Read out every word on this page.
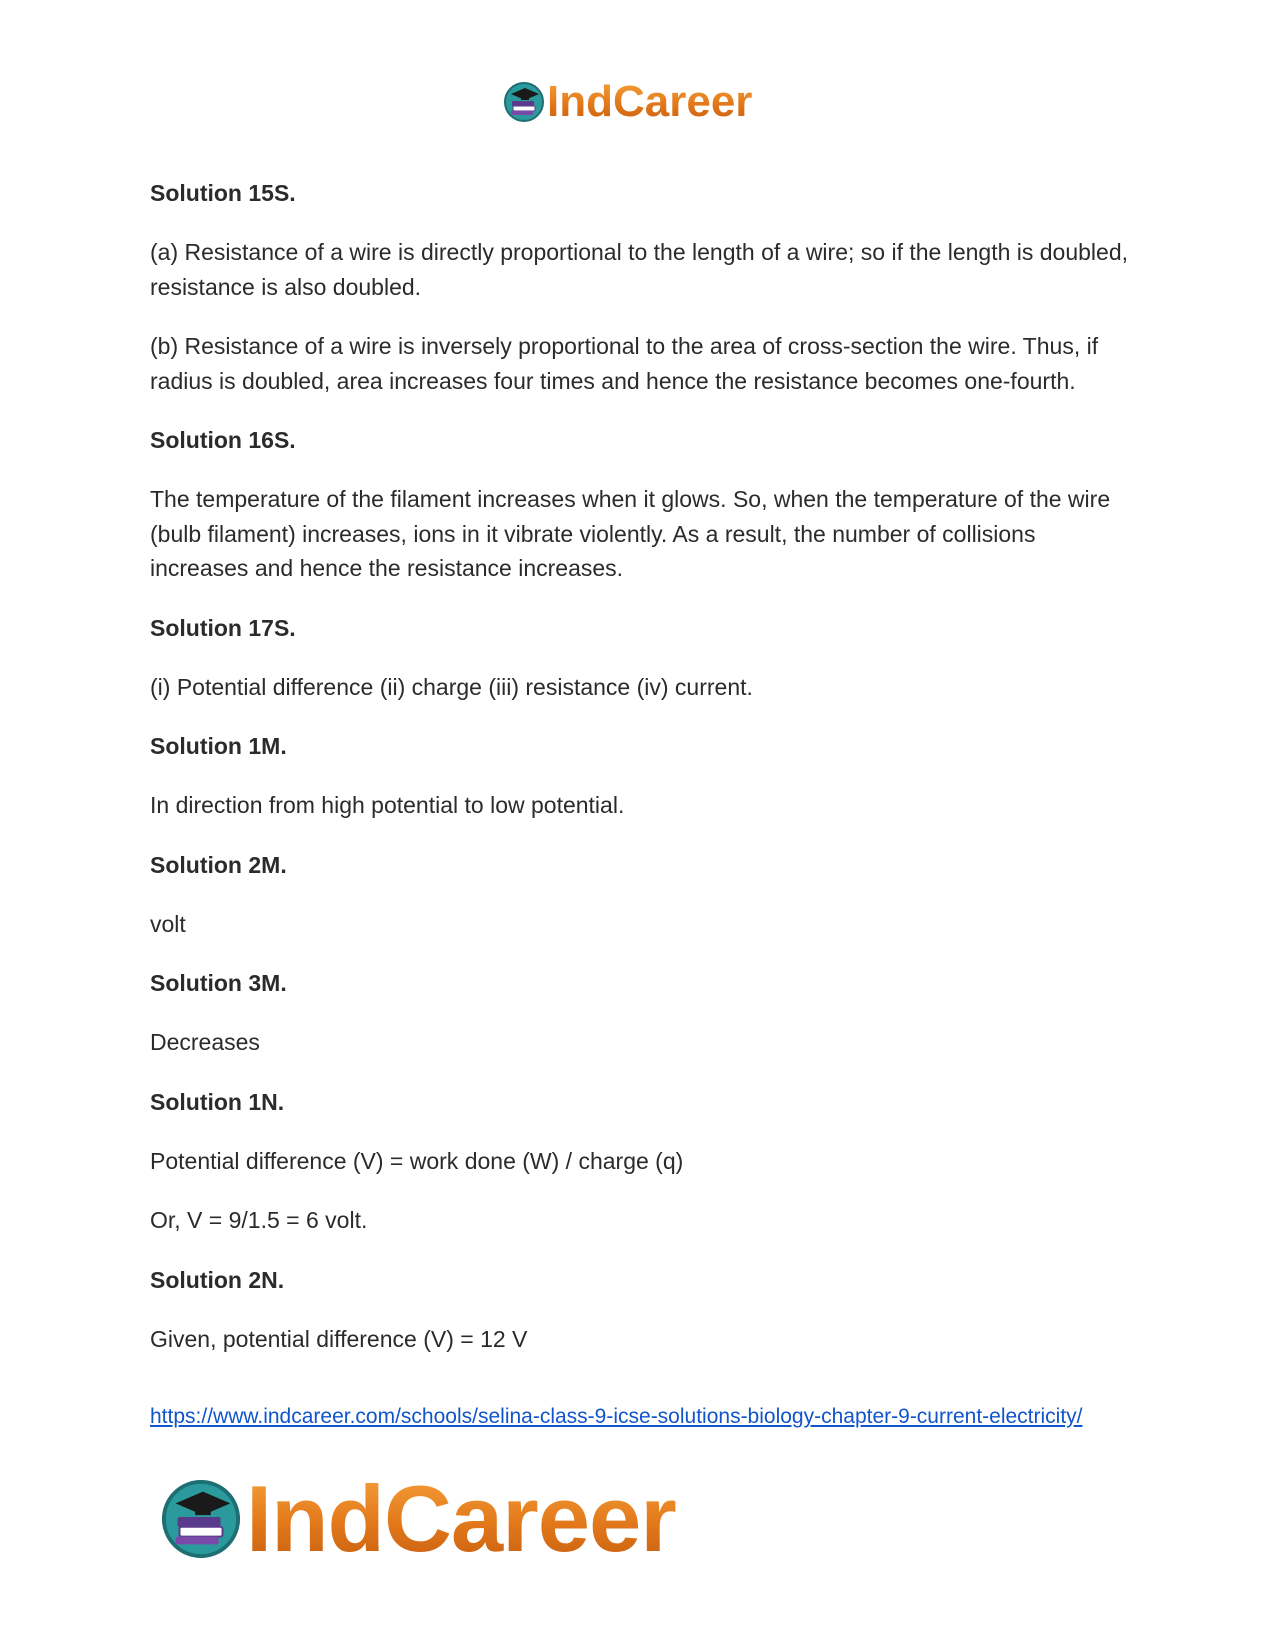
IndCareer
Solution 15S.
(a) Resistance of a wire is directly proportional to the length of a wire; so if the length is doubled, resistance is also doubled.
(b) Resistance of a wire is inversely proportional to the area of cross-section the wire. Thus, if radius is doubled, area increases four times and hence the resistance becomes one-fourth.
Solution 16S.
The temperature of the filament increases when it glows. So, when the temperature of the wire (bulb filament) increases, ions in it vibrate violently. As a result, the number of collisions increases and hence the resistance increases.
Solution 17S.
(i) Potential difference (ii) charge (iii) resistance (iv) current.
Solution 1M.
In direction from high potential to low potential.
Solution 2M.
volt
Solution 3M.
Decreases
Solution 1N.
Potential difference (V) = work done (W) / charge (q)
Or, V = 9/1.5 = 6 volt.
Solution 2N.
Given, potential difference (V) = 12 V
https://www.indcareer.com/schools/selina-class-9-icse-solutions-biology-chapter-9-current-electricity/
IndCareer
